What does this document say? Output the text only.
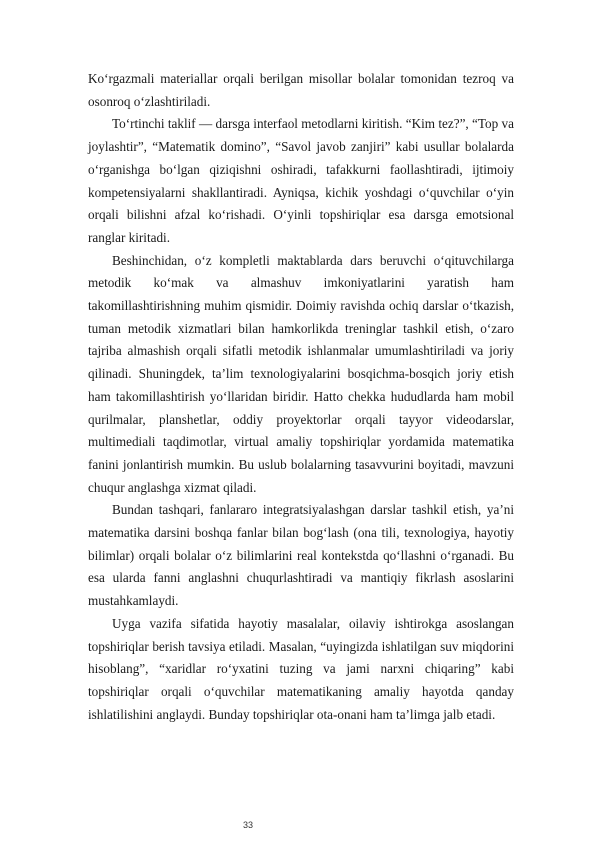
Ko‘rgazmali materiallar orqali berilgan misollar bolalar tomonidan tezroq va osonroq o‘zlashtiriladi.

To‘rtinchi taklif — darsga interfaol metodlarni kiritish. “Kim tez?”, “Top va joylashtir”, “Matematik domino”, “Savol javob zanjiri” kabi usullar bolalarda o‘rganishga bo‘lgan qiziqishni oshiradi, tafakkurni faollashtiradi, ijtimoiy kompetensiyalarni shakllantiradi. Ayniqsa, kichik yoshdagi o‘quvchilar o‘yin orqali bilishni afzal ko‘rishadi. O‘yinli topshiriqlar esa darsga emotsional ranglar kiritadi.

Beshinchidan, o‘z kompletli maktablarda dars beruvchi o‘qituvchilarga metodik ko‘mak va almashuv imkoniyatlarini yaratish ham takomillashtirishning muhim qismidir. Doimiy ravishda ochiq darslar o‘tkazish, tuman metodik xizmatlari bilan hamkorlikda treninglar tashkil etish, o‘zaro tajriba almashish orqali sifatli metodik ishlanmalar umumlashtiriladi va joriy qilinadi. Shuningdek, ta’lim texnologiyalarini bosqichma-bosqich joriy etish ham takomillashtirish yo‘llaridan biridir. Hatto chekka hududlarda ham mobil qurilmalar, planshetlar, oddiy proyektorlar orqali tayyor videodarslar, multimediali taqdimotlar, virtual amaliy topshiriqlar yordamida matematika fanini jonlantirish mumkin. Bu uslub bolalarning tasavvurini boyitadi, mavzuni chuqur anglashga xizmat qiladi.

Bundan tashqari, fanlararo integratsiyalashgan darslar tashkil etish, ya’ni matematika darsini boshqa fanlar bilan bog‘lash (ona tili, texnologiya, hayotiy bilimlar) orqali bolalar o‘z bilimlarini real kontekstda qo‘llashni o‘rganadi. Bu esa ularda fanni anglashni chuqurlashtiradi va mantiqiy fikrlash asoslarini mustahkamlaydi.

Uyga vazifa sifatida hayotiy masalalar, oilaviy ishtirokga asoslangan topshiriqlar berish tavsiya etiladi. Masalan, “uyingizda ishlatilgan suv miqdorini hisoblang”, “xaridlar ro‘yxatini tuzing va jami narxni chiqaring” kabi topshiriqlar orqali o‘quvchilar matematikaning amaliy hayotda qanday ishlatilishini anglaydi. Bunday topshiriqlar ota-onani ham ta’limga jalb etadi.

33
